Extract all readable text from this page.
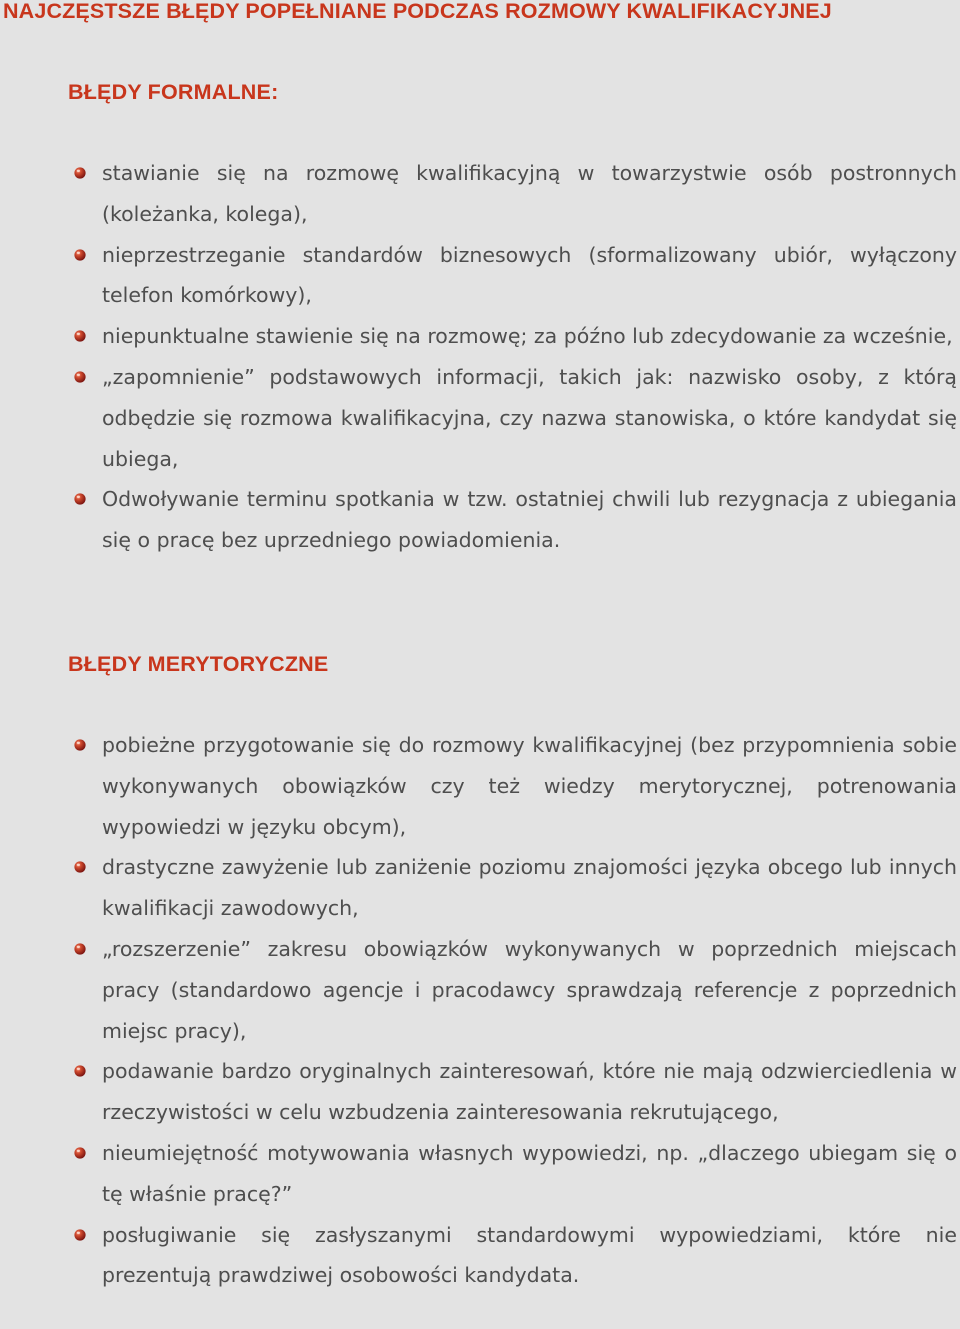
NAJCZĘSTSZE BŁĘDY POPEŁNIANE PODCZAS ROZMOWY KWALIFIKACYJNEJ
BŁĘDY FORMALNE:
stawianie się na rozmowę kwalifikacyjną w towarzystwie osób postronnych (koleżanka, kolega),
nieprzestrzeganie standardów biznesowych (sformalizowany ubiór, wyłączony telefon komórkowy),
niepunktualne stawienie się na rozmowę; za późno lub zdecydowanie za wcześnie,
„zapomnienie” podstawowych informacji, takich jak: nazwisko osoby, z którą odbędzie się rozmowa kwalifikacyjna, czy nazwa stanowiska, o które kandydat się ubiega,
Odwoływanie terminu spotkania w tzw. ostatniej chwili lub rezygnacja z ubiegania się o pracę bez uprzedniego powiadomienia.
BŁĘDY MERYTORYCZNE
pobieżne przygotowanie się do rozmowy kwalifikacyjnej (bez przypomnienia sobie wykonywanych obowiązków czy też wiedzy merytorycznej, potrenowania wypowiedzi w języku obcym),
drastyczne zawyżenie lub zaniżenie poziomu znajomości języka obcego lub innych kwalifikacji zawodowych,
„rozszerzenie” zakresu obowiązków wykonywanych w poprzednich miejscach pracy (standardowo agencje i pracodawcy sprawdzają referencje z poprzednich miejsc pracy),
podawanie bardzo oryginalnych zainteresowań, które nie mają odzwierciedlenia w rzeczywistości w celu wzbudzenia zainteresowania rekrutującego,
nieumiejętność motywowania własnych wypowiedzi, np. „dlaczego ubiegam się o tę właśnie pracę?”
posługiwanie się zasłyszanymi standardowymi wypowiedziami, które nie prezentują prawdziwej osobowości kandydata.
